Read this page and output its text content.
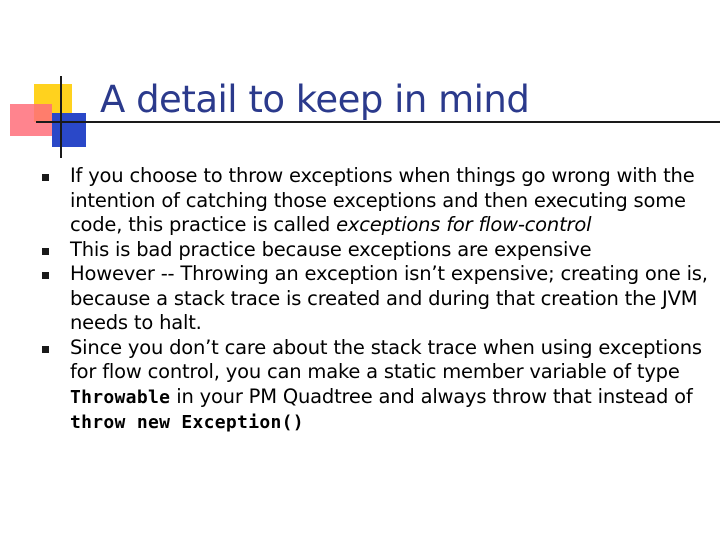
A detail to keep in mind
If you choose to throw exceptions when things go wrong with the intention of catching those exceptions and then executing some code, this practice is called exceptions for flow-control
This is bad practice because exceptions are expensive
However -- Throwing an exception isn’t expensive; creating one is, because a stack trace is created and during that creation the JVM needs to halt.
Since you don’t care about the stack trace when using exceptions for flow control, you can make a static member variable of type Throwable in your PM Quadtree and always throw that instead of throw new Exception()
